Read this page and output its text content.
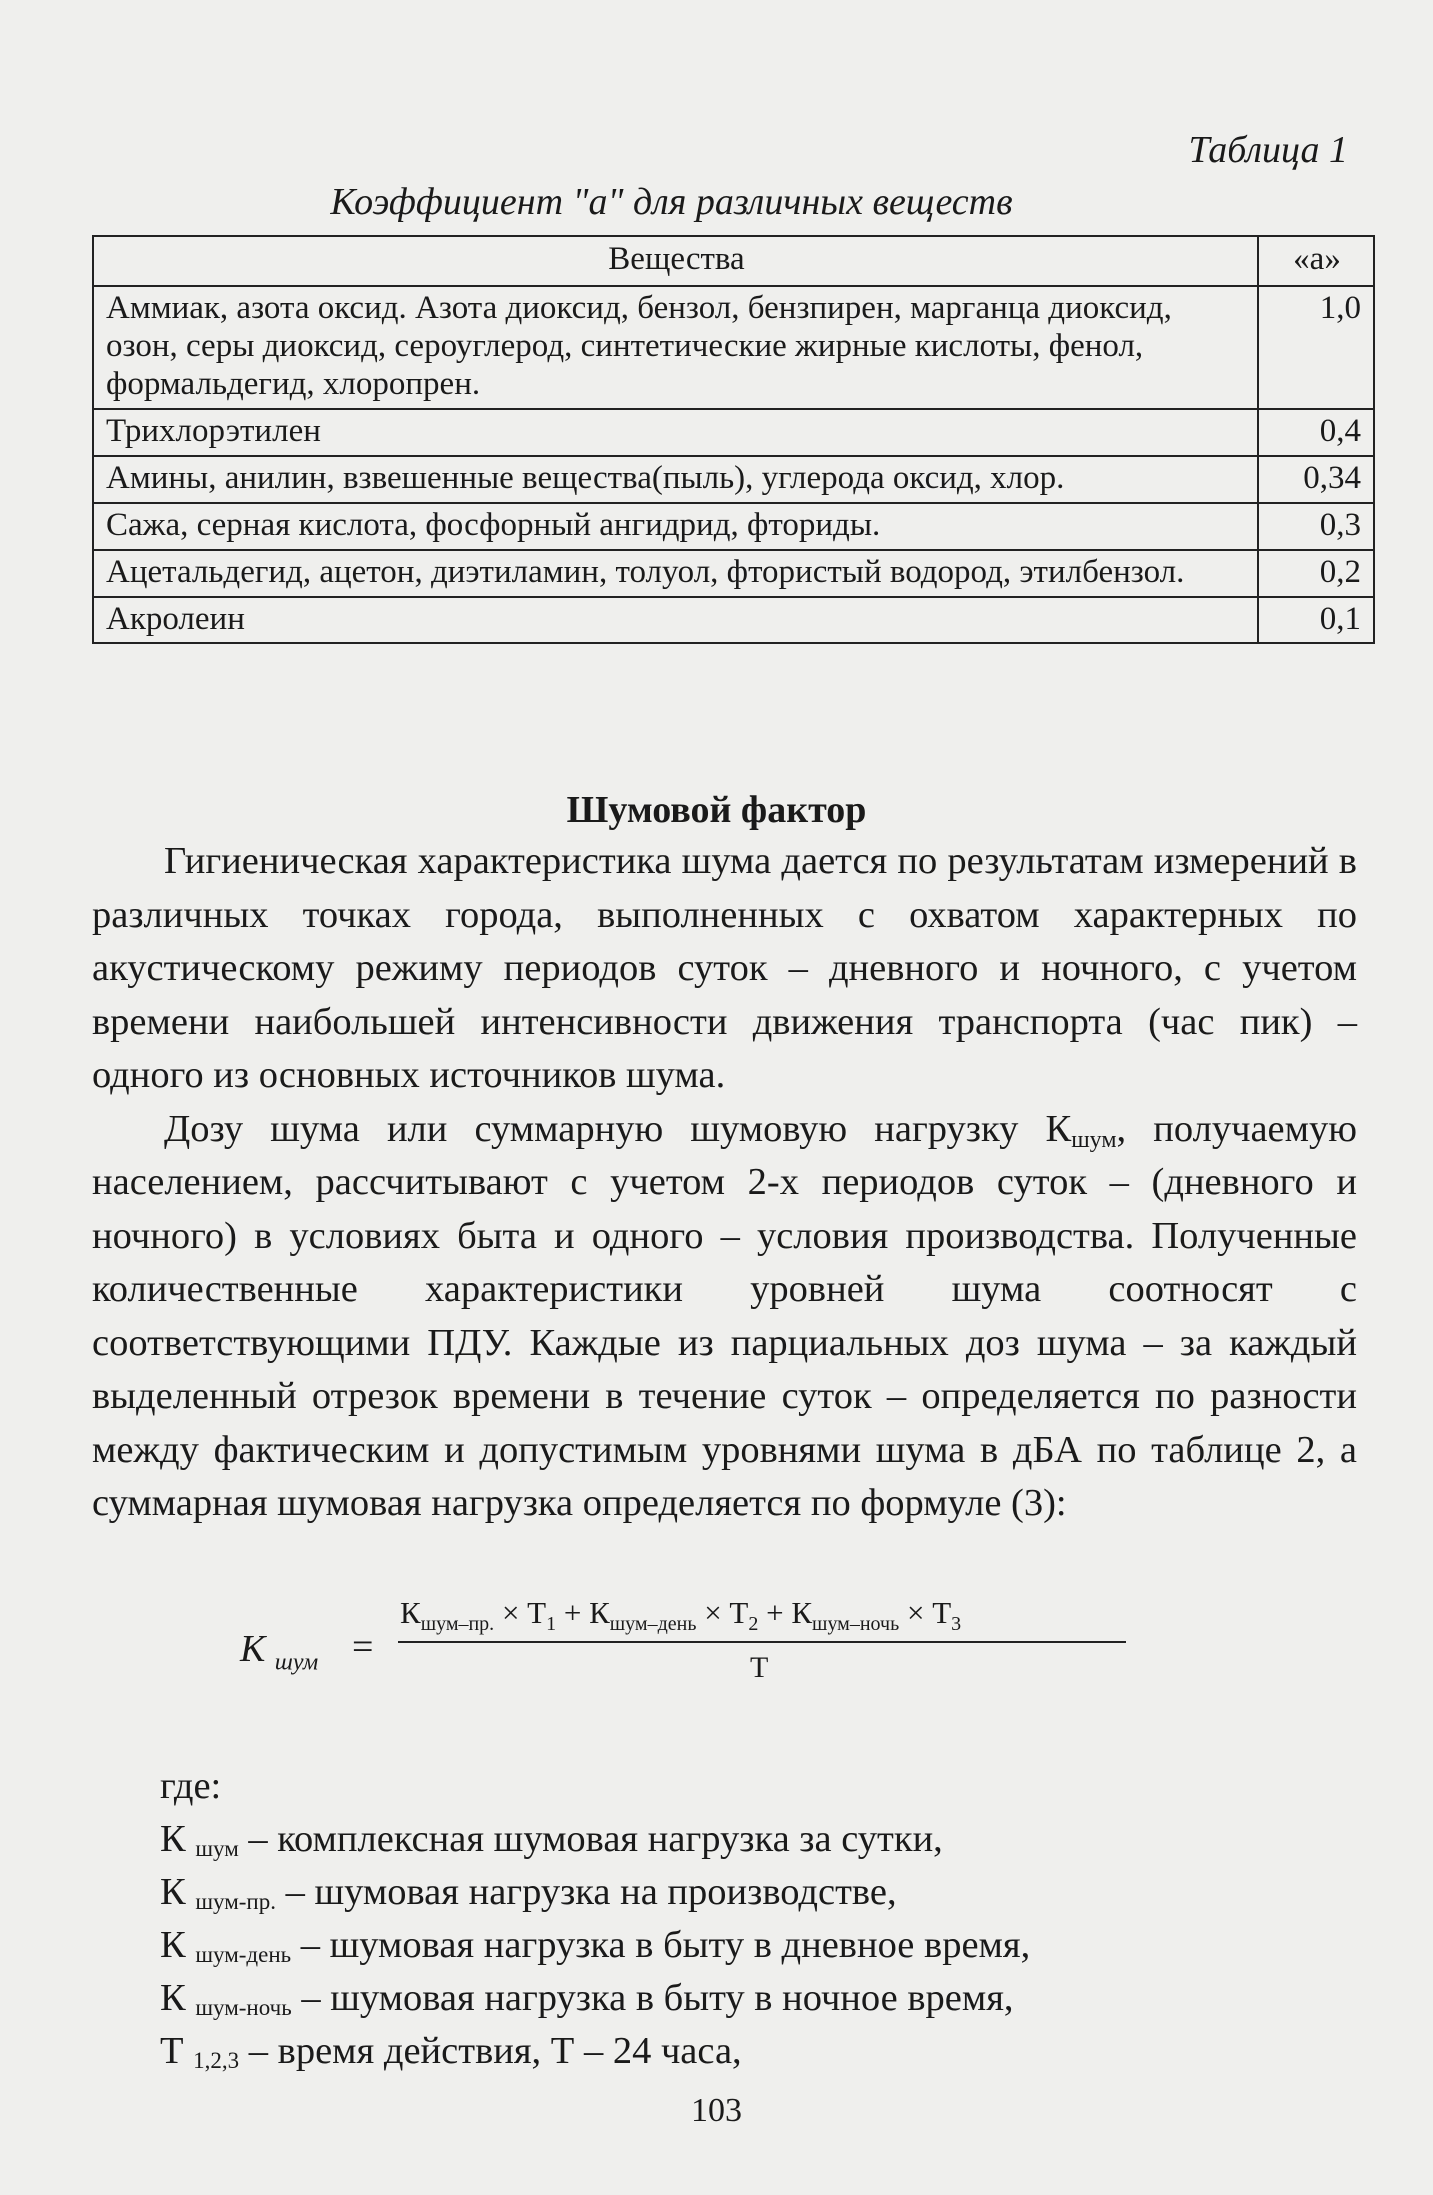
Таблица 1

Коэффициент "а" для различных веществ

Вещества	«а»
Аммиак, азота оксид. Азота диоксид, бензол, бензпирен, марганца диоксид, озон, серы диоксид, сероуглерод, синтетические жирные кислоты, фенол, формальдегид, хлоропрен.	1,0
Трихлорэтилен	0,4
Амины, анилин, взвешенные вещества(пыль), углерода оксид, хлор.	0,34
Сажа, серная кислота, фосфорный ангидрид, фториды.	0,3
Ацетальдегид, ацетон, диэтиламин, толуол, фтористый водород, этилбензол.	0,2
Акролеин	0,1
Шумовой фактор

Гигиеническая характеристика шума дается по результатам измерений в различных точках города, выполненных с охватом характерных по акустическому режиму периодов суток – дневного и ночного, с учетом времени наибольшей интенсивности движения транспорта (час пик) – одного из основных источников шума.

Дозу шума или суммарную шумовую нагрузку $К_{шум}$, получаемую населением, рассчитывают с учетом 2-х периодов суток – (дневного и ночного) в условиях быта и одного – условия производства. Полученные количественные характеристики уровней шума соотносят с соответствующими ПДУ. Каждые из парциальных доз шума – за каждый выделенный отрезок времени в течение суток – определяется по разности между фактическим и допустимым уровнями шума в дБА по таблице 2, а суммарная шумовая нагрузка определяется по формуле (3):

К $_{шум}$ =
$К_{шум-пр.} \times Т_1 + К_{шум-день} \times Т_2 + К_{шум-ночь} \times Т_3$
Т
где:
К $_{шум}$ – комплексная шумовая нагрузка за сутки,
К $_{шум-пр.}$ – шумовая нагрузка на производстве,
К $_{шум-день}$ – шумовая нагрузка в быту в дневное время,
К $_{шум-ночь}$ – шумовая нагрузка в быту в ночное время,
Т $_{1,2,3}$ – время действия, Т – 24 часа,

103
